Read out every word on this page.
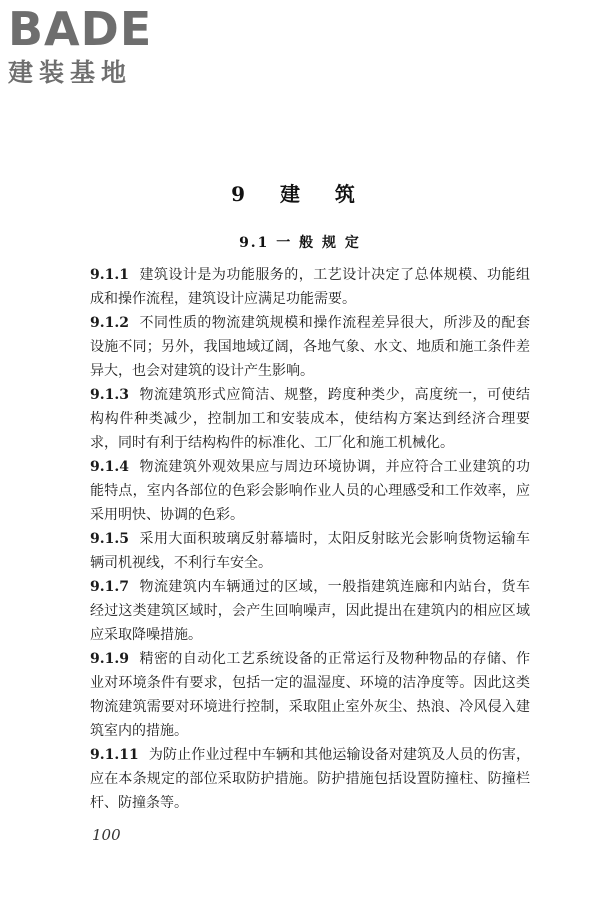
BADE
建装基地
9 建 筑
9.1 一 般 规 定

9.1.1 建筑设计是为功能服务的，工艺设计决定了总体规模、功能组成和操作流程，建筑设计应满足功能需要。

9.1.2 不同性质的物流建筑规模和操作流程差异很大，所涉及的配套设施不同；另外，我国地域辽阔，各地气象、水文、地质和施工条件差异大，也会对建筑的设计产生影响。

9.1.3 物流建筑形式应简洁、规整，跨度种类少，高度统一，可使结构构件种类减少，控制加工和安装成本，使结构方案达到经济合理要求，同时有利于结构构件的标准化、工厂化和施工机械化。

9.1.4 物流建筑外观效果应与周边环境协调，并应符合工业建筑的功能特点，室内各部位的色彩会影响作业人员的心理感受和工作效率，应采用明快、协调的色彩。

9.1.5 采用大面积玻璃反射幕墙时，太阳反射眩光会影响货物运输车辆司机视线，不利行车安全。

9.1.7 物流建筑内车辆通过的区域，一般指建筑连廊和内站台，货车经过这类建筑区域时，会产生回响噪声，因此提出在建筑内的相应区域应采取降噪措施。

9.1.9 精密的自动化工艺系统设备的正常运行及物种物品的存储、作业对环境条件有要求，包括一定的温湿度、环境的洁净度等。因此这类物流建筑需要对环境进行控制，采取阻止室外灰尘、热浪、冷风侵入建筑室内的措施。

9.1.11 为防止作业过程中车辆和其他运输设备对建筑及人员的伤害，应在本条规定的部位采取防护措施。防护措施包括设置防撞柱、防撞栏杆、防撞条等。

100
